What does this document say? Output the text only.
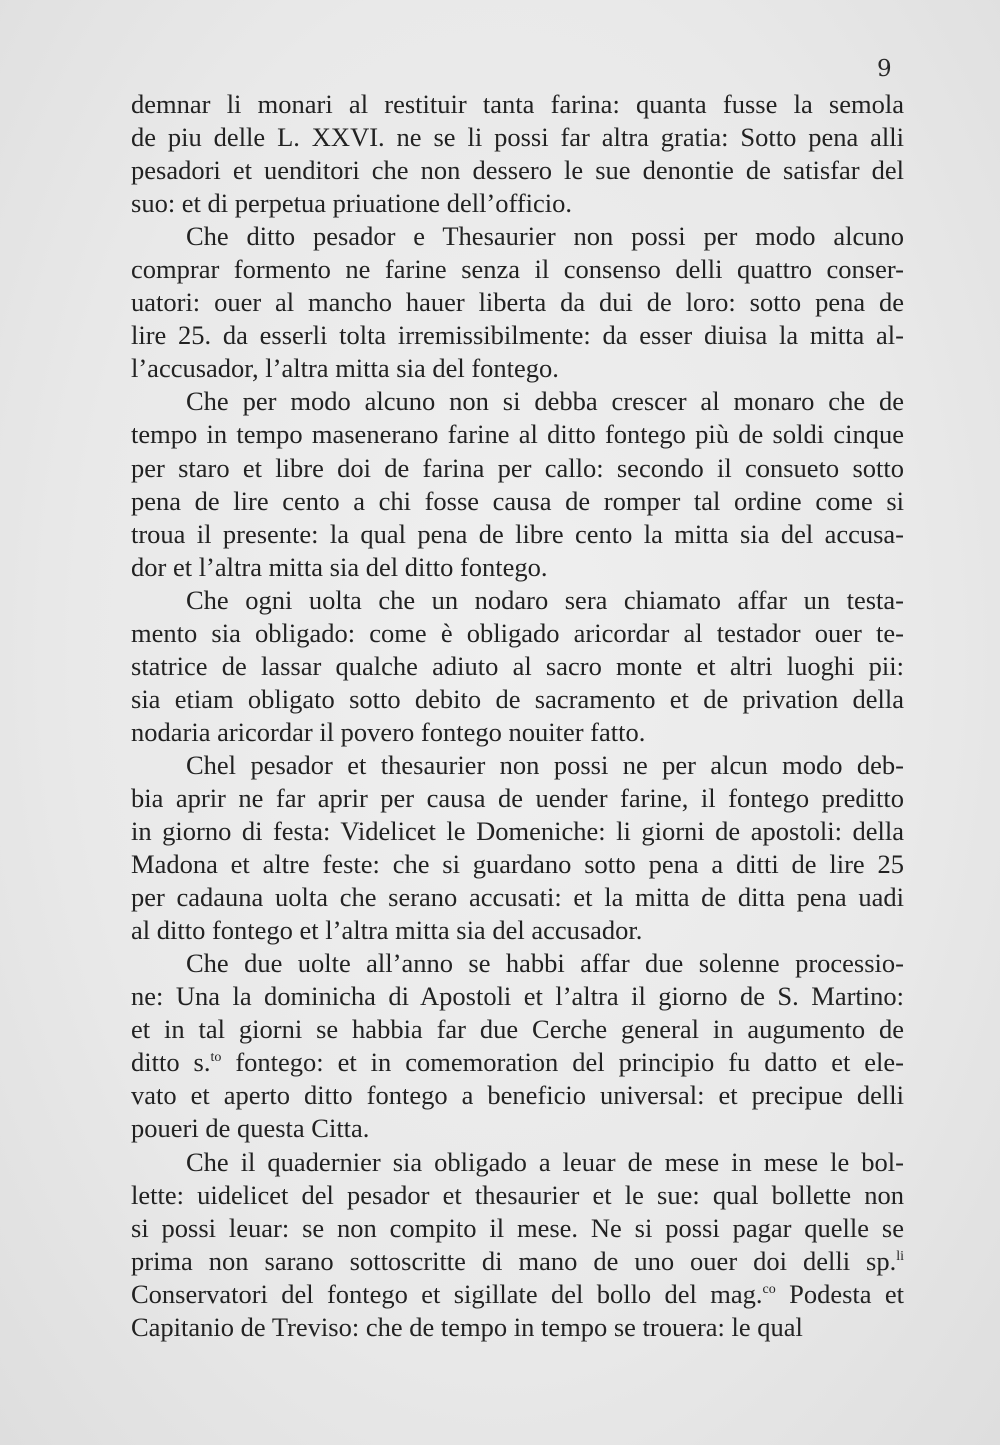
9
demnar li monari al restituir tanta farina: quanta fusse la semola
de piu delle L. XXVI. ne se li possi far altra gratia: Sotto pena alli
pesadori et uenditori che non dessero le sue denontie de satisfar del
suo: et di perpetua priuatione dell’officio.
Che ditto pesador e Thesaurier non possi per modo alcuno
comprar formento ne farine senza il consenso delli quattro conser-
uatori: ouer al mancho hauer liberta da dui de loro: sotto pena de
lire 25. da esserli tolta irremissibilmente: da esser diuisa la mitta al-
l’accusador, l’altra mitta sia del fontego.
Che per modo alcuno non si debba crescer al monaro che de
tempo in tempo masenerano farine al ditto fontego più de soldi cinque
per staro et libre doi de farina per callo: secondo il consueto sotto
pena de lire cento a chi fosse causa de romper tal ordine come si
troua il presente: la qual pena de libre cento la mitta sia del accusa-
dor et l’altra mitta sia del ditto fontego.
Che ogni uolta che un nodaro sera chiamato affar un testa-
mento sia obligado: come è obligado aricordar al testador ouer te-
statrice de lassar qualche adiuto al sacro monte et altri luoghi pii:
sia etiam obligato sotto debito de sacramento et de privation della
nodaria aricordar il povero fontego nouiter fatto.
Chel pesador et thesaurier non possi ne per alcun modo deb-
bia aprir ne far aprir per causa de uender farine, il fontego preditto
in giorno di festa: Videlicet le Domeniche: li giorni de apostoli: della
Madona et altre feste: che si guardano sotto pena a ditti de lire 25
per cadauna uolta che serano accusati: et la mitta de ditta pena uadi
al ditto fontego et l’altra mitta sia del accusador.
Che due uolte all’anno se habbi affar due solenne processio-
ne: Una la dominicha di Apostoli et l’altra il giorno de S. Martino:
et in tal giorni se habbia far due Cerche general in augumento de
ditto s.$^{to}$ fontego: et in comemoration del principio fu datto et ele-
vato et aperto ditto fontego a beneficio universal: et precipue delli
poueri de questa Citta.
Che il quadernier sia obligado a leuar de mese in mese le bol-
lette: uidelicet del pesador et thesaurier et le sue: qual bollette non
si possi leuar: se non compito il mese. Ne si possi pagar quelle se
prima non sarano sottoscritte di mano de uno ouer doi delli sp.$^{li}$
Conservatori del fontego et sigillate del bollo del mag.$^{co}$ Podesta et
Capitanio de Treviso: che de tempo in tempo se trouera: le qual
